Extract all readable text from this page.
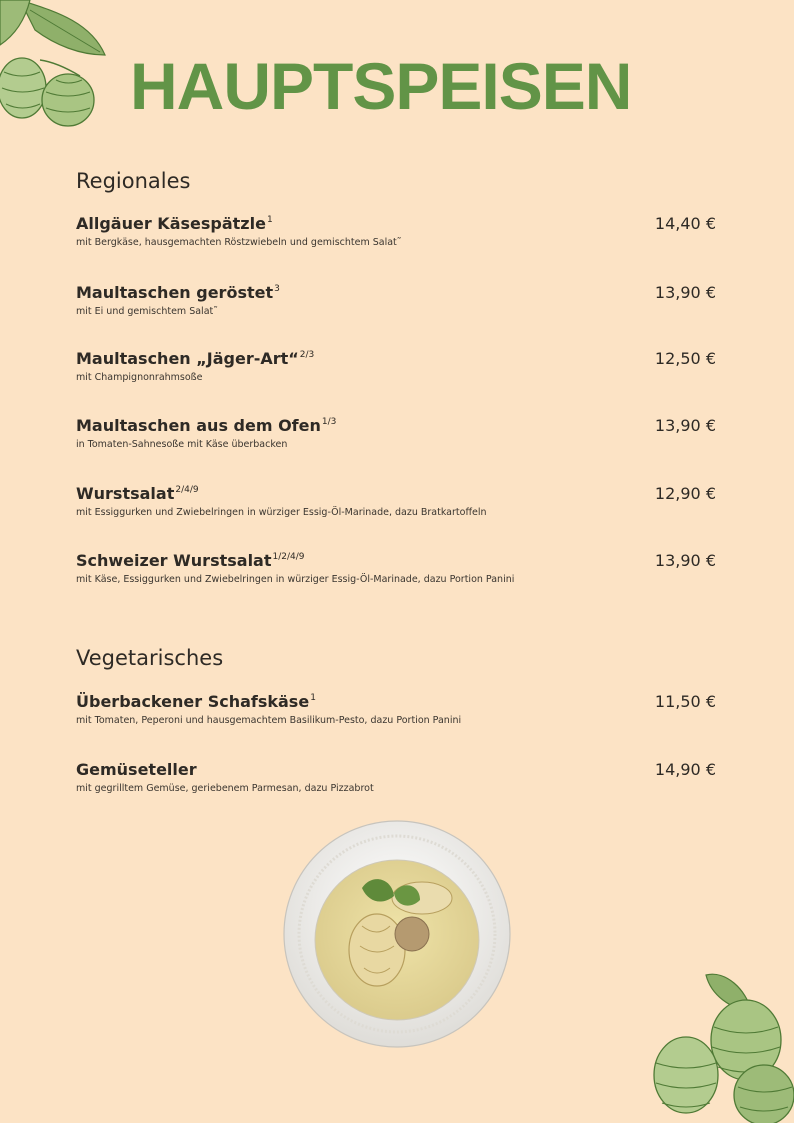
HAUPTSPEISEN
Regionales
Allgäuer Käsespätzle$^1$
mit Bergkäse, hausgemachten Röstzwiebeln und gemischtem Salat˜
14,40 €
Maultaschen geröstet$^3$
mit Ei und gemischtem Salat˜
13,90 €
Maultaschen „Jäger-Art“$^{2/3}$
mit Champignonrahmsoße
12,50 €
Maultaschen aus dem Ofen$^{1/3}$
in Tomaten-Sahnesoße mit Käse überbacken
13,90 €
Wurstsalat$^{2/4/9}$
mit Essiggurken und Zwiebelringen in würziger Essig-Öl-Marinade, dazu Bratkartoffeln
12,90 €
Schweizer Wurstsalat$^{1/2/4/9}$
mit Käse, Essiggurken und Zwiebelringen in würziger Essig-Öl-Marinade, dazu Portion Panini
13,90 €
Vegetarisches
Überbackener Schafskäse$^1$
mit Tomaten, Peperoni und hausgemachtem Basilikum-Pesto, dazu Portion Panini
11,50 €
Gemüseteller
mit gegrilltem Gemüse, geriebenem Parmesan, dazu Pizzabrot
14,90 €
